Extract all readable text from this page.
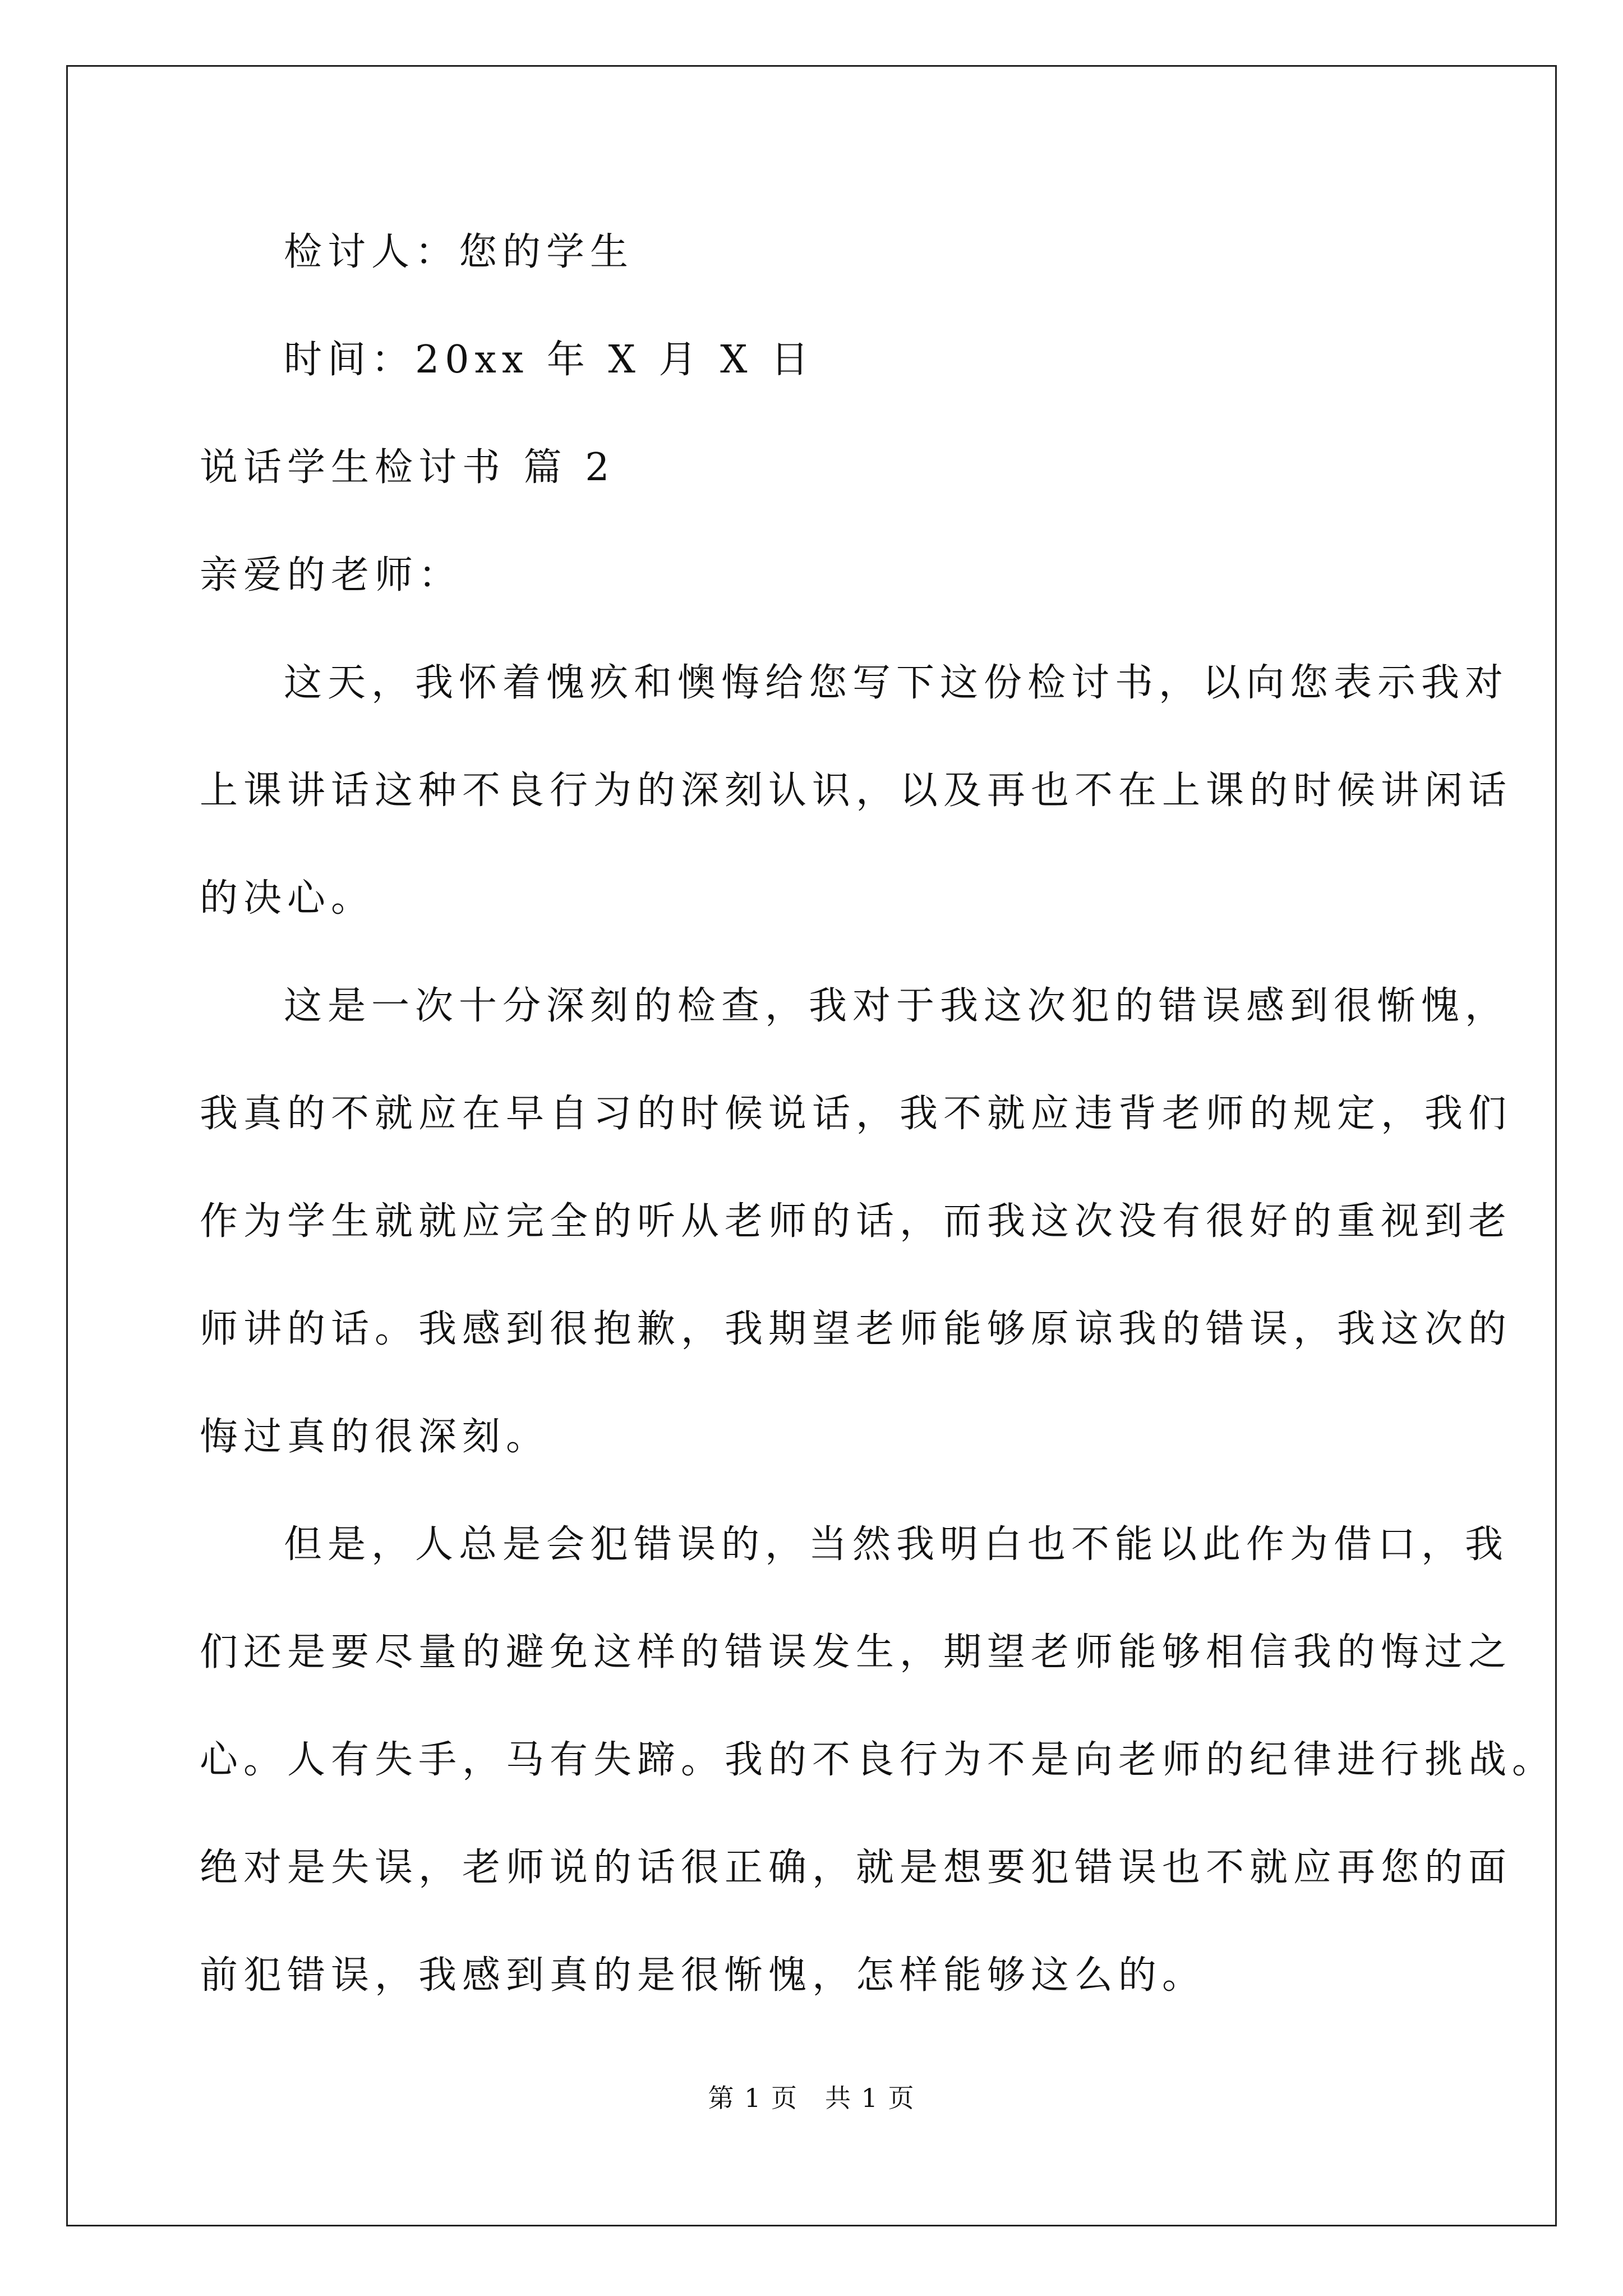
检讨人：您的学生
时间：20xx 年 X 月 X 日
说话学生检讨书 篇 2
亲爱的老师：
这天，我怀着愧疚和懊悔给您写下这份检讨书，以向您表示我对
上课讲话这种不良行为的深刻认识，以及再也不在上课的时候讲闲话
的决心。
这是一次十分深刻的检查，我对于我这次犯的错误感到很惭愧，
我真的不就应在早自习的时候说话，我不就应违背老师的规定，我们
作为学生就就应完全的听从老师的话，而我这次没有很好的重视到老
师讲的话。我感到很抱歉，我期望老师能够原谅我的错误，我这次的
悔过真的很深刻。
但是，人总是会犯错误的，当然我明白也不能以此作为借口，我
们还是要尽量的避免这样的错误发生，期望老师能够相信我的悔过之
心。人有失手，马有失蹄。我的不良行为不是向老师的纪律进行挑战。
绝对是失误，老师说的话很正确，就是想要犯错误也不就应再您的面
前犯错误，我感到真的是很惭愧，怎样能够这么的。
第 1 页　共 1 页
